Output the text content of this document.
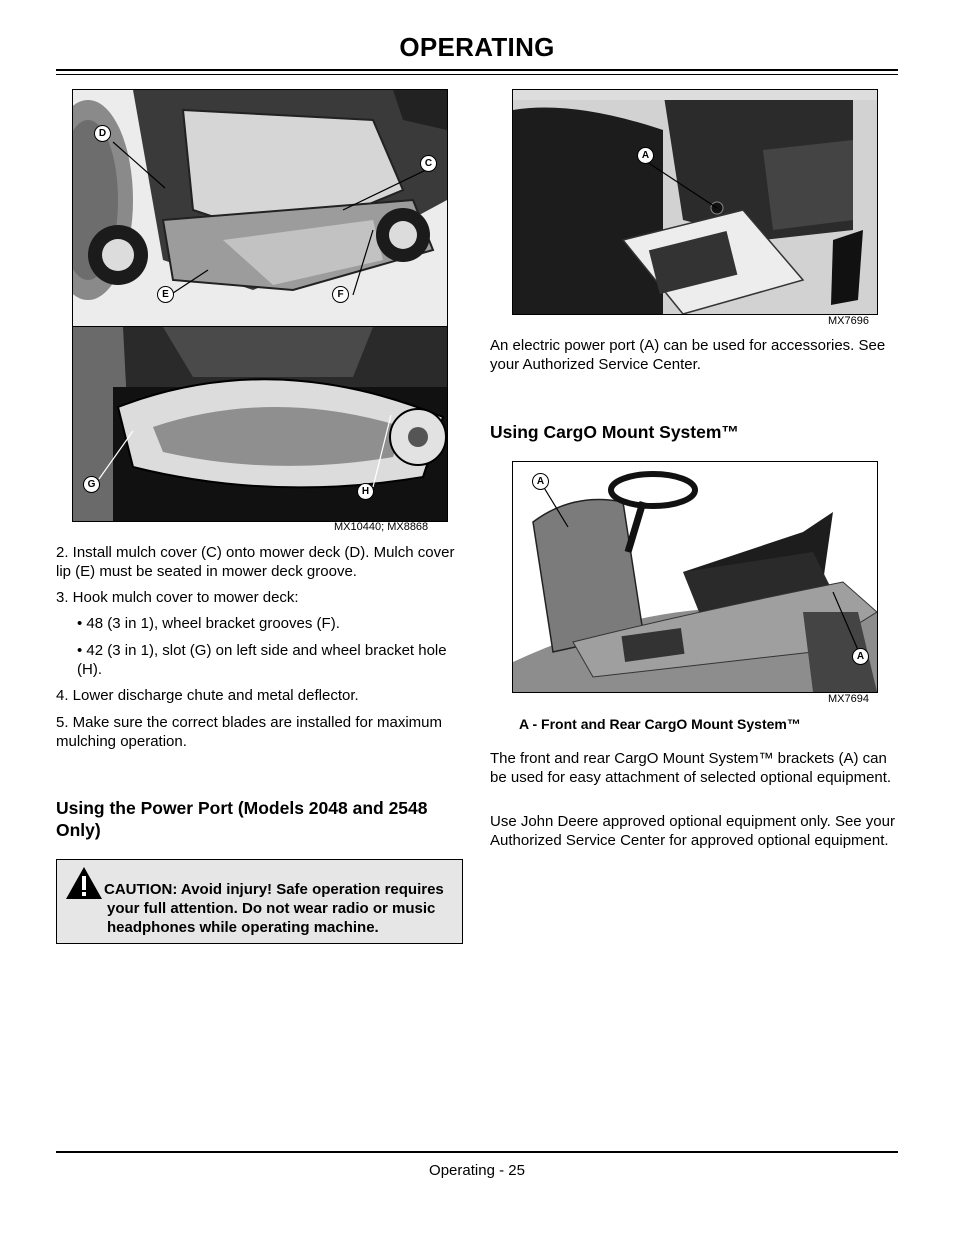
OPERATING
D
C
E	F
G
H
MX10440; MX8868
2. Install mulch cover (C) onto mower deck (D). Mulch cover lip (E) must be seated in mower deck groove.
3. Hook mulch cover to mower deck:
• 48 (3 in 1), wheel bracket grooves (F).
• 42 (3 in 1), slot (G) on left side and wheel bracket hole (H).
4. Lower discharge chute and metal deflector.
5. Make sure the correct blades are installed for maximum mulching operation.
Using the Power Port (Models 2048 and 2548 Only)
CAUTION: Avoid injury! Safe operation requires your full attention. Do not wear radio or music headphones while operating machine.
A
MX7696
An electric power port (A) can be used for accessories. See your Authorized Service Center.
Using CargO Mount System™
A
A
MX7694
A - Front and Rear CargO Mount System™
The front and rear CargO Mount System™ brackets (A) can be used for easy attachment of selected optional equipment.
Use John Deere approved optional equipment only. See your Authorized Service Center for approved optional equipment.
Operating - 25
